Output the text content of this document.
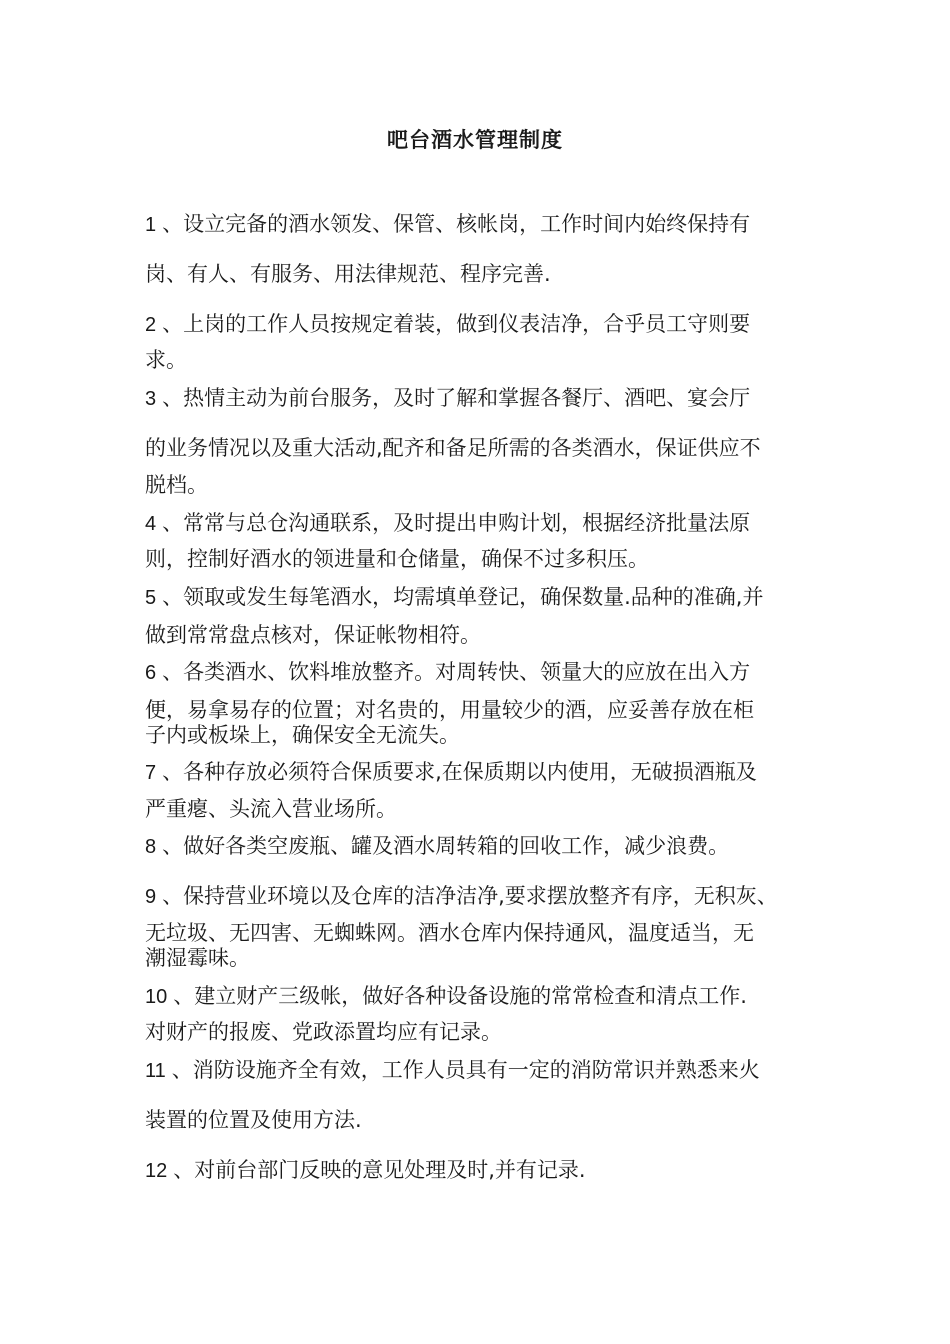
吧台酒水管理制度
1 、设立完备的酒水领发、保管、核帐岗，工作时间内始终保持有
岗、有人、有服务、用法律规范、程序完善.
2 、上岗的工作人员按规定着装，做到仪表洁净，合乎员工守则要
求。
3 、热情主动为前台服务，及时了解和掌握各餐厅、酒吧、宴会厅
的业务情况以及重大活动,配齐和备足所需的各类酒水，保证供应不
脱档。
4 、常常与总仓沟通联系，及时提出申购计划，根据经济批量法原
则，控制好酒水的领进量和仓储量，确保不过多积压。
5 、领取或发生每笔酒水，均需填单登记，确保数量.品种的准确,并
做到常常盘点核对，保证帐物相符。
6 、各类酒水、饮料堆放整齐。对周转快、领量大的应放在出入方
便，易拿易存的位置；对名贵的，用量较少的酒，应妥善存放在柜
子内或板垛上，确保安全无流失。
7 、各种存放必须符合保质要求,在保质期以内使用，无破损酒瓶及
严重瘪、头流入营业场所。
8 、做好各类空废瓶、罐及酒水周转箱的回收工作，减少浪费。
9 、保持营业环境以及仓库的洁净洁净,要求摆放整齐有序，无积灰、
无垃圾、无四害、无蜘蛛网。酒水仓库内保持通风，温度适当，无
潮湿霉味。
10 、建立财产三级帐，做好各种设备设施的常常检查和清点工作.
对财产的报废、党政添置均应有记录。
11 、消防设施齐全有效，工作人员具有一定的消防常识并熟悉来火
装置的位置及使用方法.
12 、对前台部门反映的意见处理及时,并有记录.
